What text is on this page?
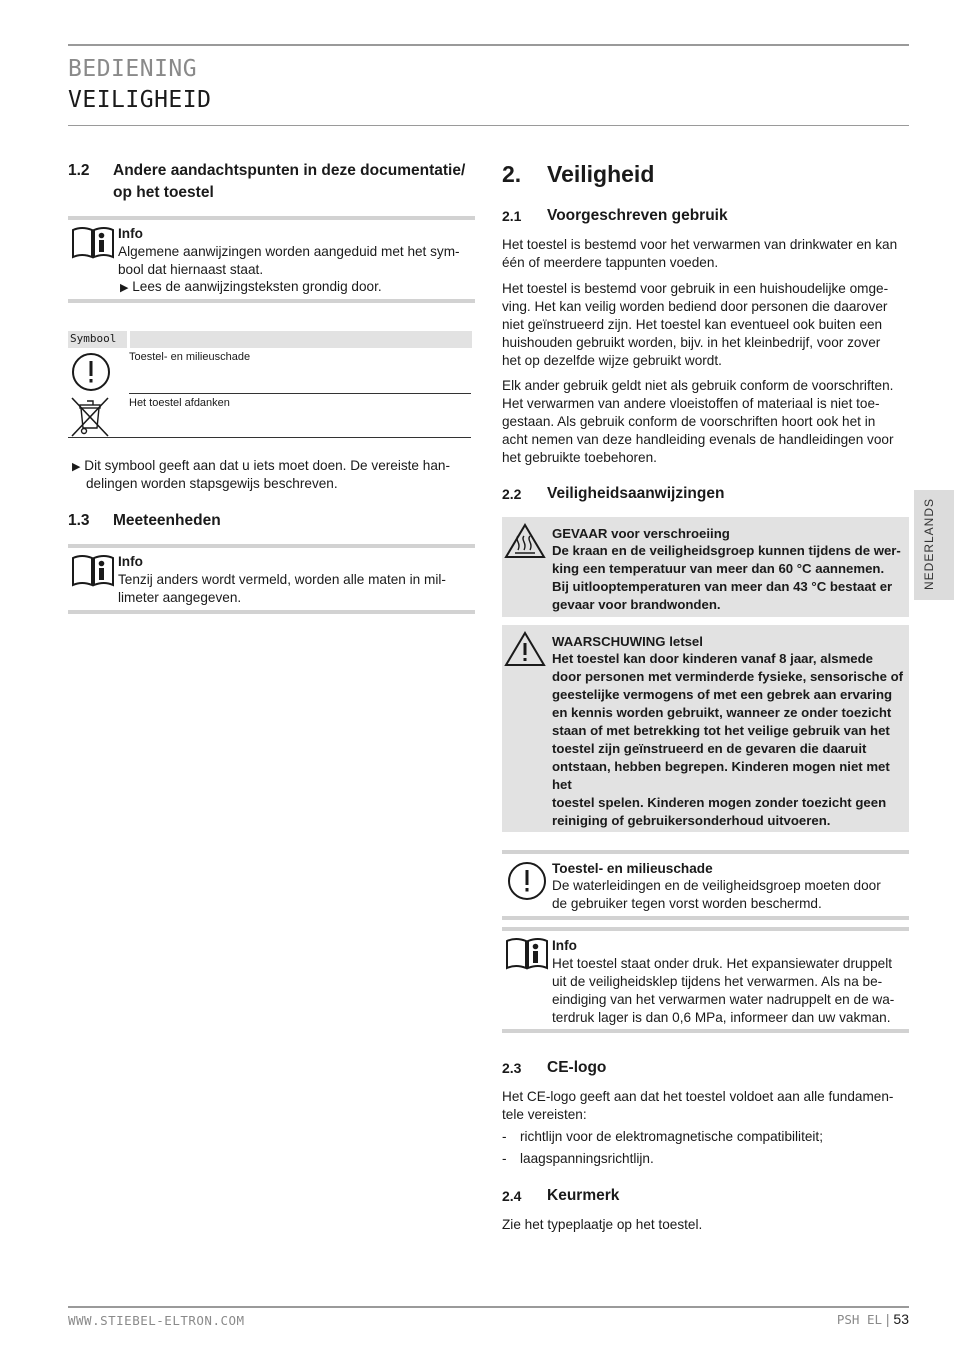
BEDIENING
VEILIGHEID
1.2 Andere aandachtspunten in deze documentatie/
op het toestel
Info
Algemene aanwijzingen worden aangeduid met het sym-
bool dat hiernaast staat.
▶ Lees de aanwijzingsteksten grondig door.
Symbool
Toestel- en milieuschade
Het toestel afdanken
▶ Dit symbool geeft aan dat u iets moet doen. De vereiste han-
delingen worden stapsgewijs beschreven.
1.3 Meeteenheden
Info
Tenzij anders wordt vermeld, worden alle maten in mil-
limeter aangegeven.
2. Veiligheid
2.1 Voorgeschreven gebruik
Het toestel is bestemd voor het verwarmen van drinkwater en kan
één of meerdere tappunten voeden.
Het toestel is bestemd voor gebruik in een huishoudelijke omge-
ving. Het kan veilig worden bediend door personen die daarover
niet geïnstrueerd zijn. Het toestel kan eventueel ook buiten een
huishouden gebruikt worden, bijv. in het kleinbedrijf, voor zover
het op dezelfde wijze gebruikt wordt.
Elk ander gebruik geldt niet als gebruik conform de voorschriften.
Het verwarmen van andere vloeistoffen of materiaal is niet toe-
gestaan. Als gebruik conform de voorschriften hoort ook het in
acht nemen van deze handleiding evenals de handleidingen voor
het gebruikte toebehoren.
2.2 Veiligheidsaanwijzingen
GEVAAR voor verschroeiing
De kraan en de veiligheidsgroep kunnen tijdens de wer-
king een temperatuur van meer dan 60 °C aannemen.
Bij uitlooptemperaturen van meer dan 43 °C bestaat er
gevaar voor brandwonden.
WAARSCHUWING letsel
Het toestel kan door kinderen vanaf 8 jaar, alsmede
door personen met verminderde fysieke, sensorische of
geestelijke vermogens of met een gebrek aan ervaring
en kennis worden gebruikt, wanneer ze onder toezicht
staan of met betrekking tot het veilige gebruik van het
toestel zijn geïnstrueerd en de gevaren die daaruit
ontstaan, hebben begrepen. Kinderen mogen niet met het
toestel spelen. Kinderen mogen zonder toezicht geen
reiniging of gebruikersonderhoud uitvoeren.
Toestel- en milieuschade
De waterleidingen en de veiligheidsgroep moeten door
de gebruiker tegen vorst worden beschermd.
Info
Het toestel staat onder druk. Het expansiewater druppelt
uit de veiligheidsklep tijdens het verwarmen. Als na be-
eindiging van het verwarmen water nadruppelt en de wa-
terdruk lager is dan 0,6 MPa, informeer dan uw vakman.
2.3 CE-logo
Het CE-logo geeft aan dat het toestel voldoet aan alle fundamen-
tele vereisten:
- richtlijn voor de elektromagnetische compatibiliteit;
- laagspanningsrichtlijn.
2.4 Keurmerk
Zie het typeplaatje op het toestel.
NEDERLANDS
WWW.STIEBEL-ELTRON.COM	PSH EL | 53
